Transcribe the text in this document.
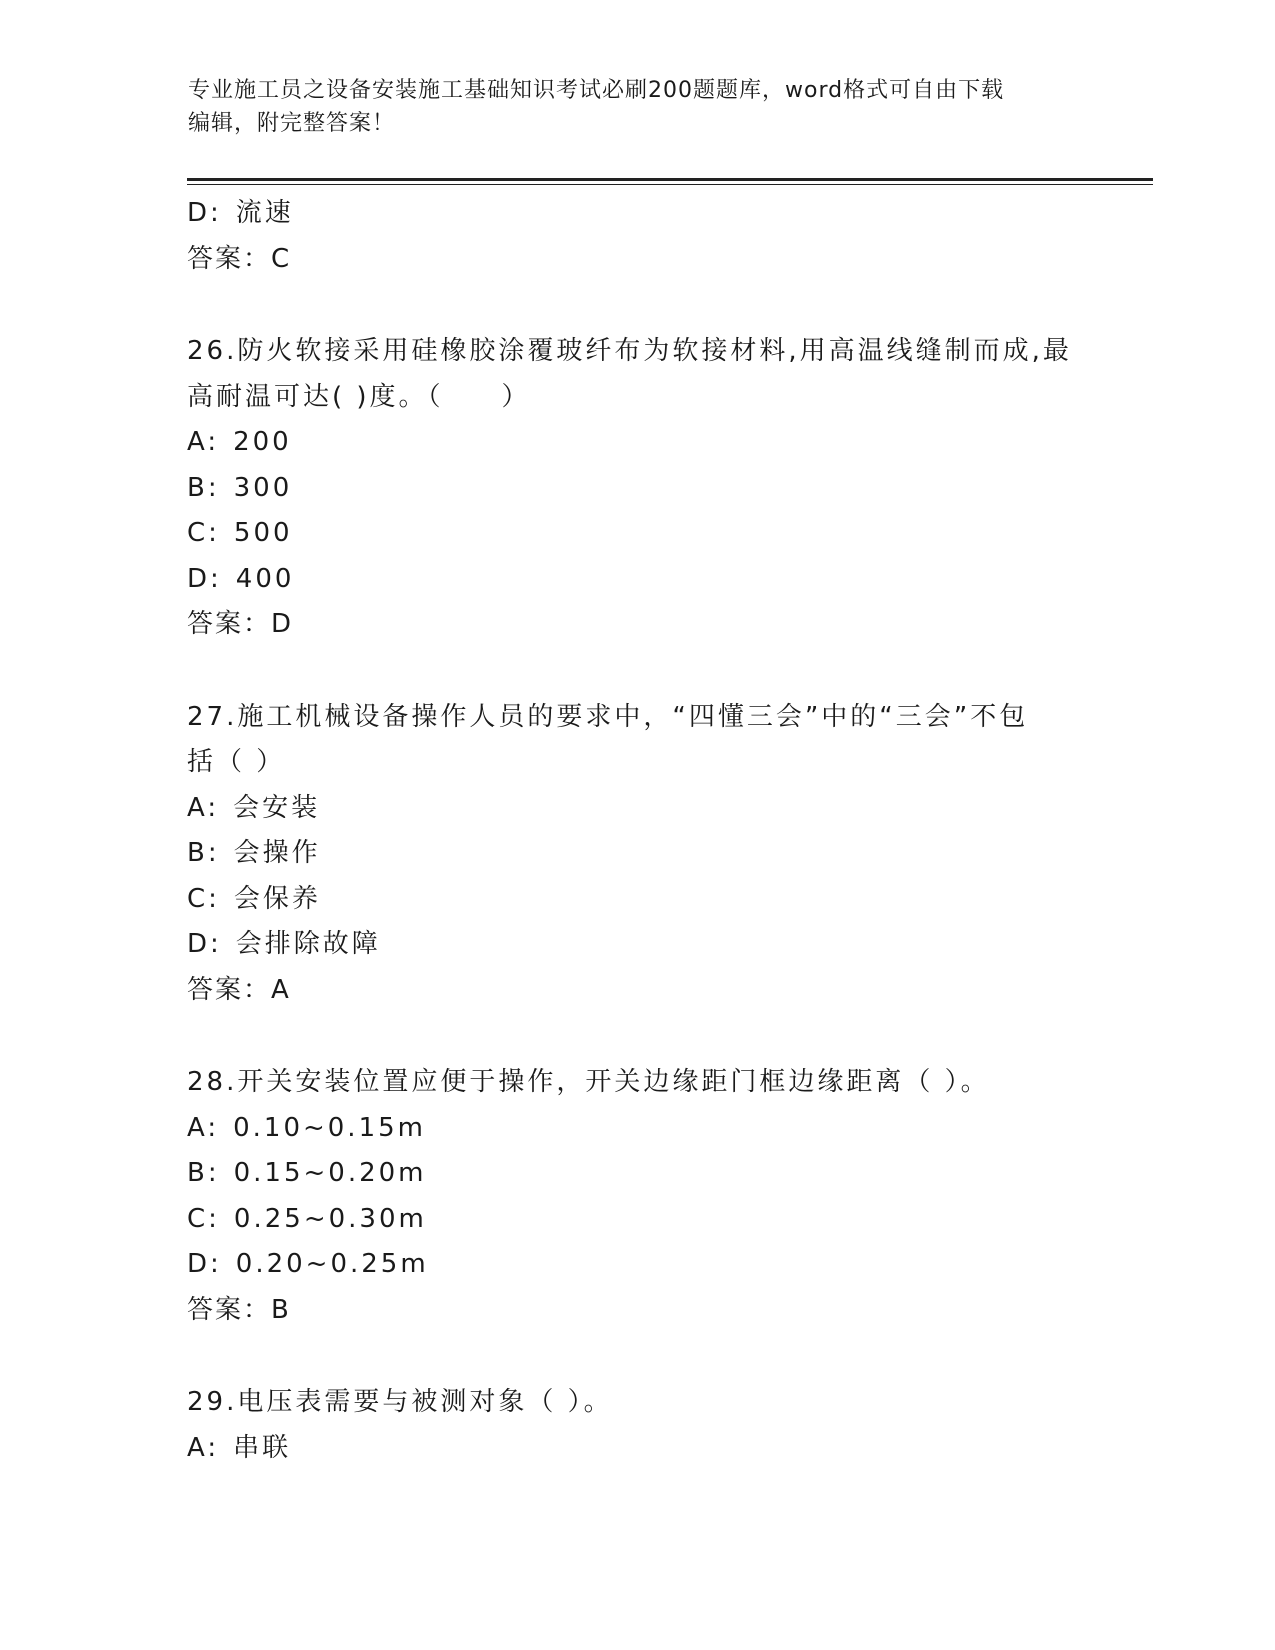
专业施工员之设备安装施工基础知识考试必刷200题题库，word格式可自由下载
编辑，附完整答案！
D: 流速
答案：C
26.防火软接采用硅橡胶涂覆玻纤布为软接材料,用高温线缝制而成,最
高耐温可达( )度。（　　）
A: 200
B: 300
C: 500
D: 400
答案：D
27.施工机械设备操作人员的要求中，“四懂三会”中的“三会”不包
括（ ）
A: 会安装
B: 会操作
C: 会保养
D: 会排除故障
答案：A
28.开关安装位置应便于操作，开关边缘距门框边缘距离（ ）。
A: 0.10~0.15m
B: 0.15~0.20m
C: 0.25~0.30m
D: 0.20~0.25m
答案：B
29.电压表需要与被测对象（ ）。
A: 串联
